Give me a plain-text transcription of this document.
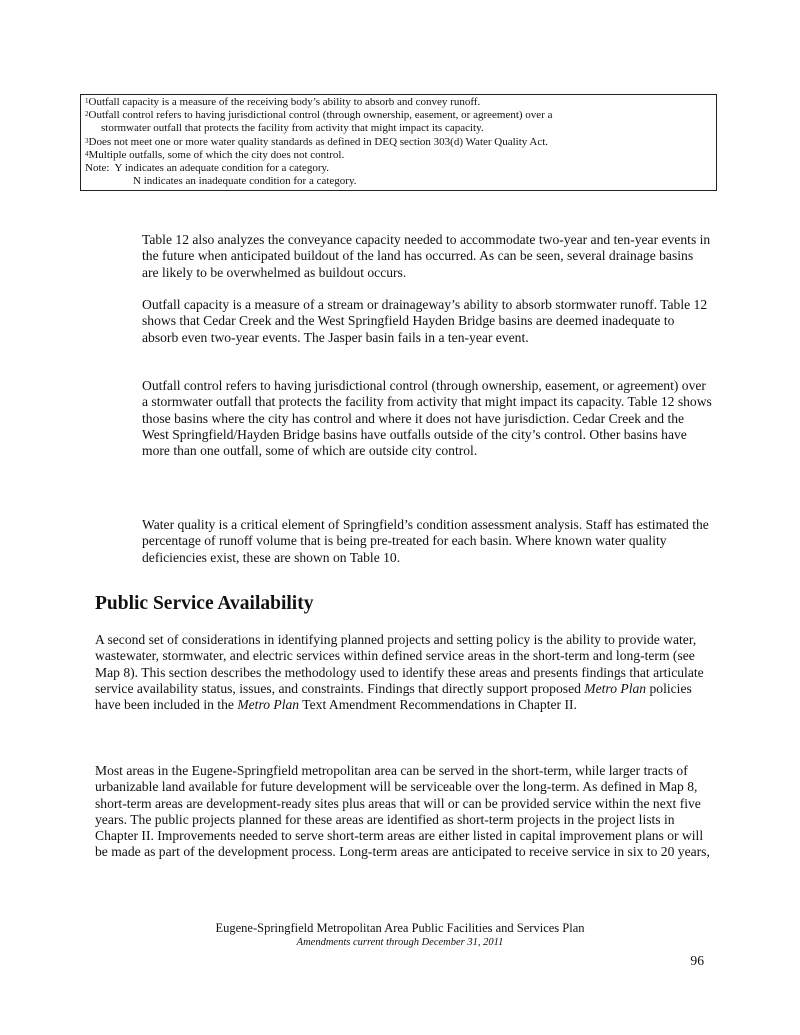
$^1$Outfall capacity is a measure of the receiving body’s ability to absorb and convey runoff.
$^2$Outfall control refers to having jurisdictional control (through ownership, easement, or agreement) over a
stormwater outfall that protects the facility from activity that might impact its capacity.
$^3$Does not meet one or more water quality standards as defined in DEQ section 303(d) Water Quality Act.
$^4$Multiple outfalls, some of which the city does not control.
Note: Y indicates an adequate condition for a category.
N indicates an inadequate condition for a category.

Table 12 also analyzes the conveyance capacity needed to accommodate two-year and ten-year events in the future when anticipated buildout of the land has occurred. As can be seen, several drainage basins are likely to be overwhelmed as buildout occurs.

Outfall capacity is a measure of a stream or drainageway’s ability to absorb stormwater runoff. Table 12 shows that Cedar Creek and the West Springfield Hayden Bridge basins are deemed inadequate to absorb even two-year events. The Jasper basin fails in a ten-year event.

Outfall control refers to having jurisdictional control (through ownership, easement, or agreement) over a stormwater outfall that protects the facility from activity that might impact its capacity. Table 12 shows those basins where the city has control and where it does not have jurisdiction. Cedar Creek and the West Springfield/Hayden Bridge basins have outfalls outside of the city’s control. Other basins have more than one outfall, some of which are outside city control.

Water quality is a critical element of Springfield’s condition assessment analysis. Staff has estimated the percentage of runoff volume that is being pre-treated for each basin. Where known water quality deficiencies exist, these are shown on Table 10.

Public Service Availability

A second set of considerations in identifying planned projects and setting policy is the ability to provide water, wastewater, stormwater, and electric services within defined service areas in the short-term and long-term (see Map 8). This section describes the methodology used to identify these areas and presents findings that articulate service availability status, issues, and constraints. Findings that directly support proposed Metro Plan policies have been included in the Metro Plan Text Amendment Recommendations in Chapter II.

Most areas in the Eugene-Springfield metropolitan area can be served in the short-term, while larger tracts of urbanizable land available for future development will be serviceable over the long-term. As defined in Map 8, short-term areas are development-ready sites plus areas that will or can be provided service within the next five years. The public projects planned for these areas are identified as short-term projects in the project lists in Chapter II. Improvements needed to serve short-term areas are either listed in capital improvement plans or will be made as part of the development process. Long-term areas are anticipated to receive service in six to 20 years,

Eugene-Springfield Metropolitan Area Public Facilities and Services Plan
Amendments current through December 31, 2011
96
